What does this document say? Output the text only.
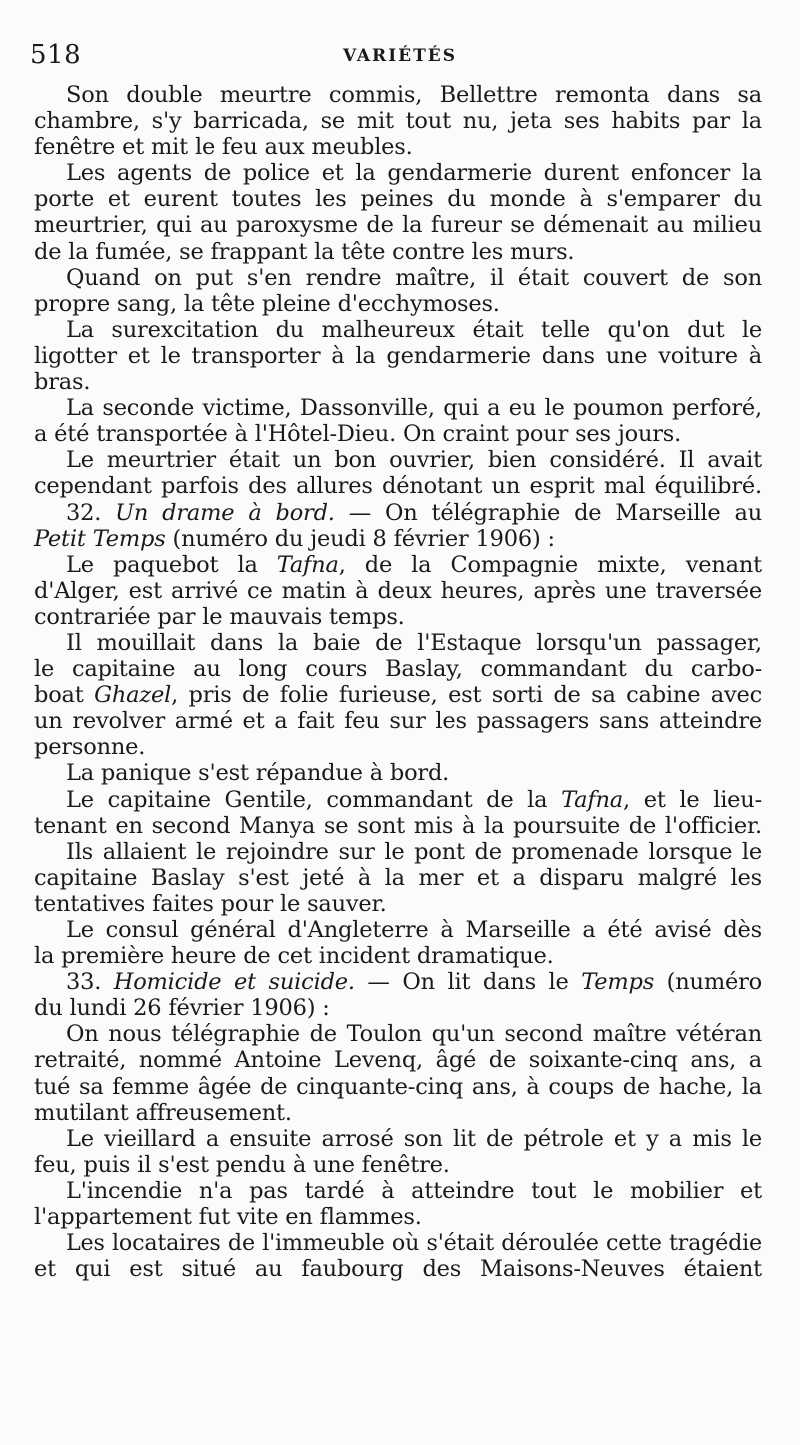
518	VARIÉTÉS
Son double meurtre commis, Bellettre remonta dans sa
chambre, s'y barricada, se mit tout nu, jeta ses habits par la
fenêtre et mit le feu aux meubles.
Les agents de police et la gendarmerie durent enfoncer la
porte et eurent toutes les peines du monde à s'emparer du
meurtrier, qui au paroxysme de la fureur se démenait au milieu
de la fumée, se frappant la tête contre les murs.
Quand on put s'en rendre maître, il était couvert de son
propre sang, la tête pleine d'ecchymoses.
La surexcitation du malheureux était telle qu'on dut le
ligotter et le transporter à la gendarmerie dans une voiture à
bras.
La seconde victime, Dassonville, qui a eu le poumon perforé,
a été transportée à l'Hôtel-Dieu. On craint pour ses jours.
Le meurtrier était un bon ouvrier, bien considéré. Il avait
cependant parfois des allures dénotant un esprit mal équilibré.
32. Un drame à bord. — On télégraphie de Marseille au
Petit Temps (numéro du jeudi 8 février 1906) :
Le paquebot la Tafna, de la Compagnie mixte, venant
d'Alger, est arrivé ce matin à deux heures, après une traversée
contrariée par le mauvais temps.
Il mouillait dans la baie de l'Estaque lorsqu'un passager,
le capitaine au long cours Baslay, commandant du carbo-
boat Ghazel, pris de folie furieuse, est sorti de sa cabine avec
un revolver armé et a fait feu sur les passagers sans atteindre
personne.
La panique s'est répandue à bord.
Le capitaine Gentile, commandant de la Tafna, et le lieu-
tenant en second Manya se sont mis à la poursuite de l'officier.
Ils allaient le rejoindre sur le pont de promenade lorsque le
capitaine Baslay s'est jeté à la mer et a disparu malgré les
tentatives faites pour le sauver.
Le consul général d'Angleterre à Marseille a été avisé dès
la première heure de cet incident dramatique.
33. Homicide et suicide. — On lit dans le Temps (numéro
du lundi 26 février 1906) :
On nous télégraphie de Toulon qu'un second maître vétéran
retraité, nommé Antoine Levenq, âgé de soixante-cinq ans, a
tué sa femme âgée de cinquante-cinq ans, à coups de hache, la
mutilant affreusement.
Le vieillard a ensuite arrosé son lit de pétrole et y a mis le
feu, puis il s'est pendu à une fenêtre.
L'incendie n'a pas tardé à atteindre tout le mobilier et
l'appartement fut vite en flammes.
Les locataires de l'immeuble où s'était déroulée cette tragédie
et qui est situé au faubourg des Maisons-Neuves étaient
